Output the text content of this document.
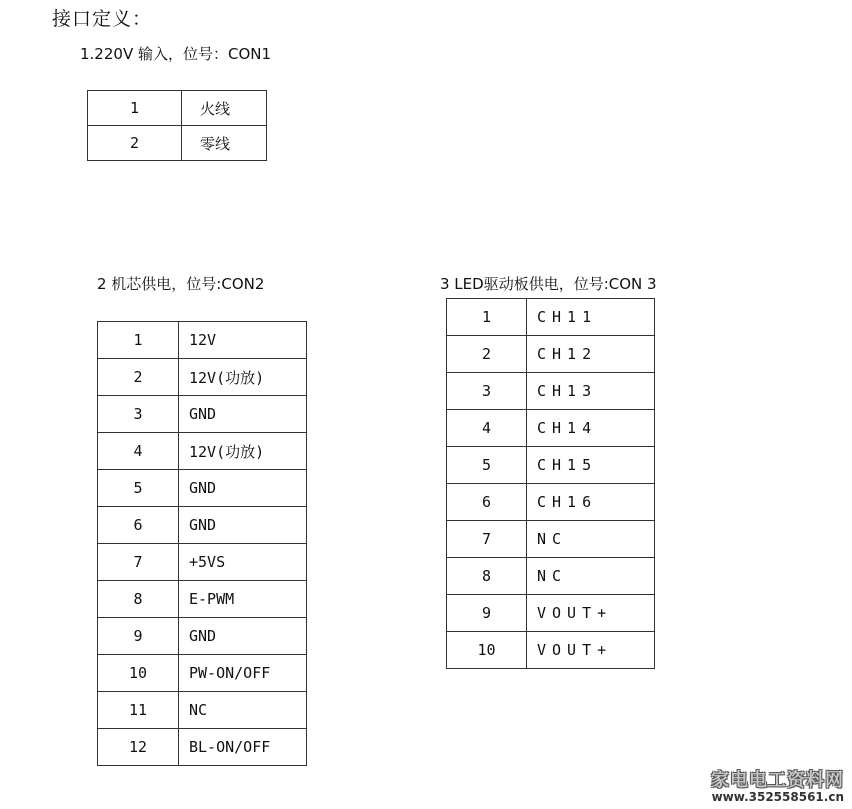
接口定义：
1.220V 输入，位号：CON1
1	火线
2	零线
2 机芯供电，位号:CON2
1	12V
2	12V(功放)
3	GND
4	12V(功放)
5	GND
6	GND
7	+5VS
8	E-PWM
9	GND
10	PW-ON/OFF
11	NC
12	BL-ON/OFF
3 LED驱动板供电，位号:CON 3
1	CH11
2	CH12
3	CH13
4	CH14
5	CH15
6	CH16
7	NC
8	NC
9	VOUT+
10	VOUT+
家电电工资料网
www.352558561.cn
